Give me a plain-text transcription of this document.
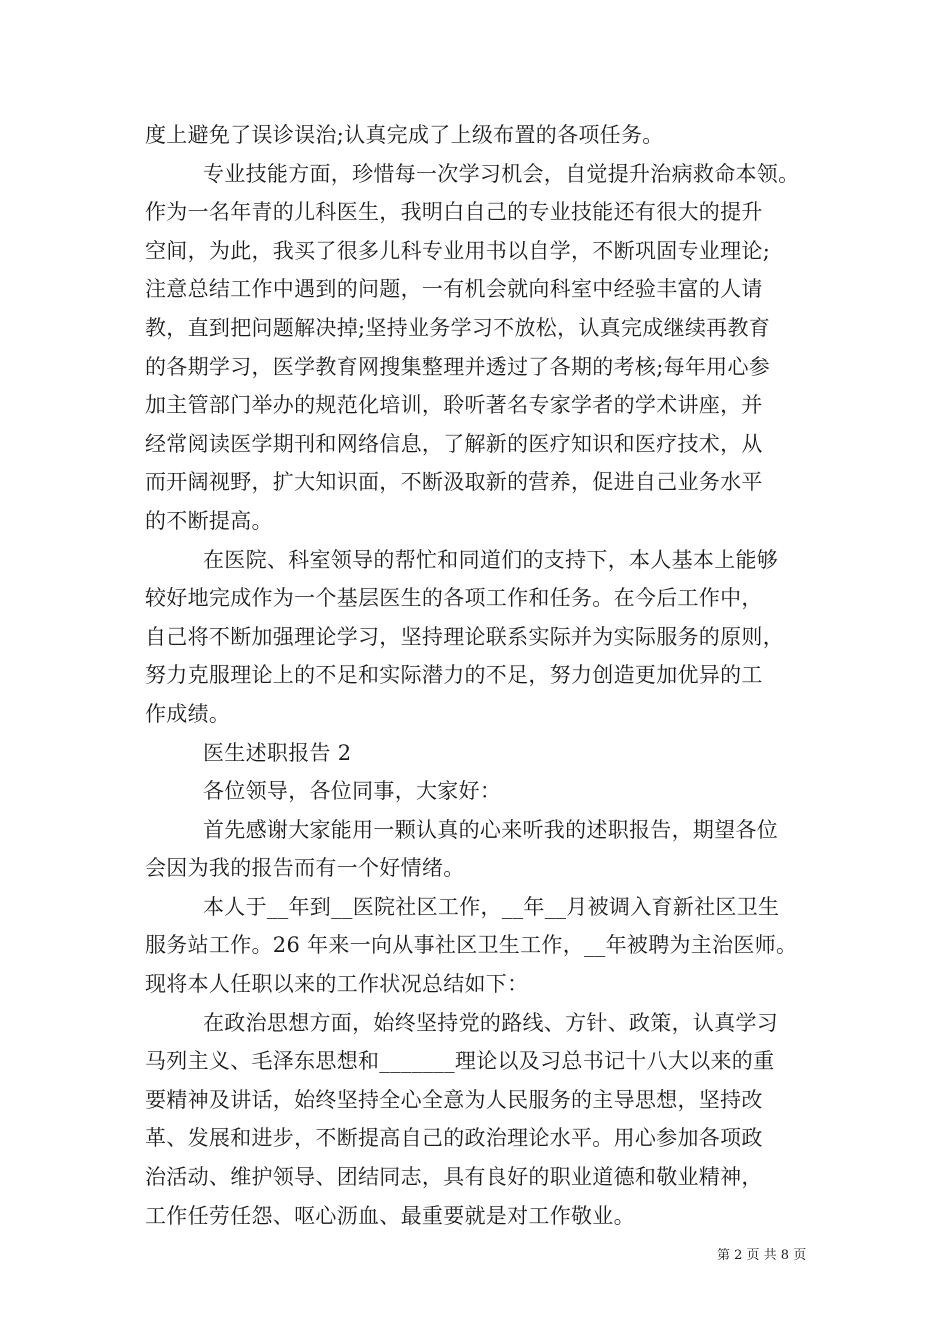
度上避免了误诊误治;认真完成了上级布置的各项任务。
专业技能方面，珍惜每一次学习机会，自觉提升治病救命本领。
作为一名年青的儿科医生，我明白自己的专业技能还有很大的提升
空间，为此，我买了很多儿科专业用书以自学，不断巩固专业理论;
注意总结工作中遇到的问题，一有机会就向科室中经验丰富的人请
教，直到把问题解决掉;坚持业务学习不放松，认真完成继续再教育
的各期学习，医学教育网搜集整理并透过了各期的考核;每年用心参
加主管部门举办的规范化培训，聆听著名专家学者的学术讲座，并
经常阅读医学期刊和网络信息，了解新的医疗知识和医疗技术，从
而开阔视野，扩大知识面，不断汲取新的营养，促进自己业务水平
的不断提高。
在医院、科室领导的帮忙和同道们的支持下，本人基本上能够
较好地完成作为一个基层医生的各项工作和任务。在今后工作中，
自己将不断加强理论学习，坚持理论联系实际并为实际服务的原则，
努力克服理论上的不足和实际潜力的不足，努力创造更加优异的工
作成绩。
医生述职报告 2
各位领导，各位同事，大家好：
首先感谢大家能用一颗认真的心来听我的述职报告，期望各位
会因为我的报告而有一个好情绪。
本人于__年到__医院社区工作，__年__月被调入育新社区卫生
服务站工作。26 年来一向从事社区卫生工作，__年被聘为主治医师。
现将本人任职以来的工作状况总结如下：
在政治思想方面，始终坚持党的路线、方针、政策，认真学习
马列主义、毛泽东思想和_______理论以及习总书记十八大以来的重
要精神及讲话，始终坚持全心全意为人民服务的主导思想，坚持改
革、发展和进步，不断提高自己的政治理论水平。用心参加各项政
治活动、维护领导、团结同志，具有良好的职业道德和敬业精神，
工作任劳任怨、呕心沥血、最重要就是对工作敬业。
第 2 页 共 8 页
